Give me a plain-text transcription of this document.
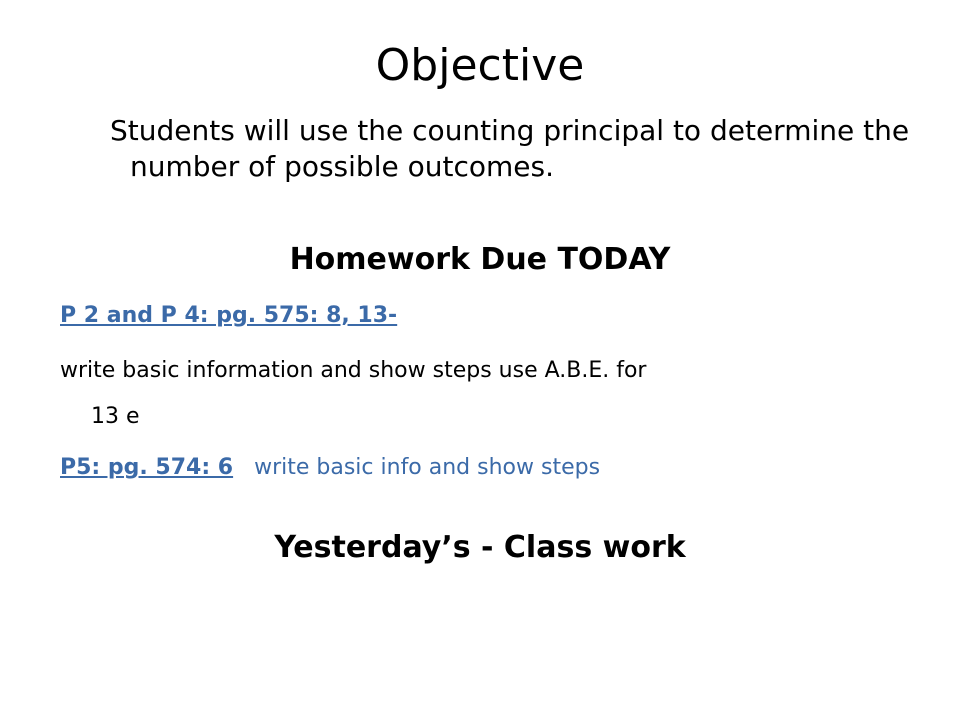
Objective
Students will use the counting principal to determine the number of possible outcomes.
Homework Due TODAY
P 2 and P 4: pg. 575: 8, 13-
write basic information and show steps use A.B.E. for
13 e
P5: pg. 574: 6 write basic info and show steps
Yesterday’s - Class work
